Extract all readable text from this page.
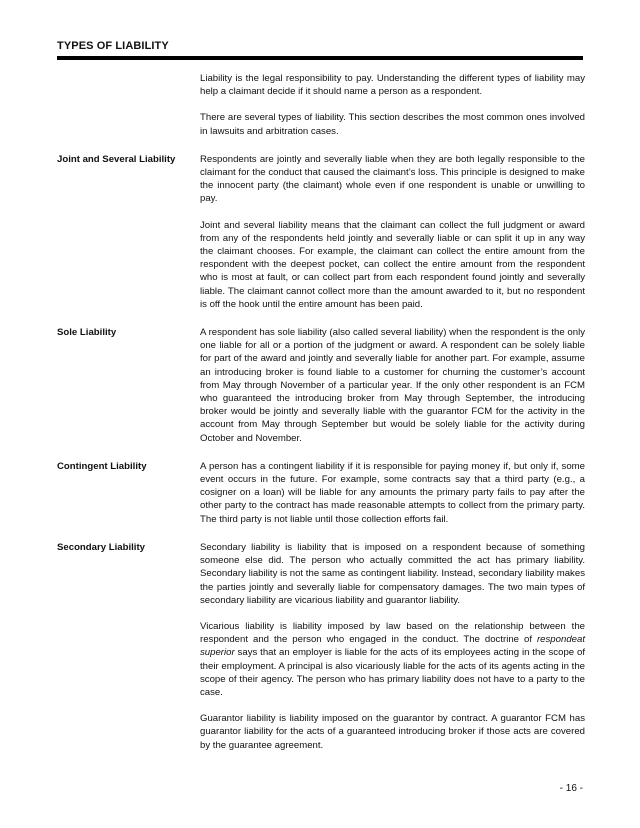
TYPES OF LIABILITY

Liability is the legal responsibility to pay. Understanding the different types of liability may help a claimant decide if it should name a person as a respondent.

There are several types of liability. This section describes the most common ones involved in lawsuits and arbitration cases.

Joint and Several Liability	Respondents are jointly and severally liable when they are both legally responsible to the claimant for the conduct that caused the claimant’s loss. This principle is designed to make the innocent party (the claimant) whole even if one respondent is unable or unwilling to pay.

Joint and several liability means that the claimant can collect the full judgment or award from any of the respondents held jointly and severally liable or can split it up in any way the claimant chooses. For example, the claimant can collect the entire amount from the respondent with the deepest pocket, can collect the entire amount from the respondent who is most at fault, or can collect part from each respondent found jointly and severally liable. The claimant cannot collect more than the amount awarded to it, but no respondent is off the hook until the entire amount has been paid.

Sole Liability	A respondent has sole liability (also called several liability) when the respondent is the only one liable for all or a portion of the judgment or award. A respondent can be solely liable for part of the award and jointly and severally liable for another part. For example, assume an introducing broker is found liable to a customer for churning the customer’s account from May through November of a particular year. If the only other respondent is an FCM who guaranteed the introducing broker from May through September, the introducing broker would be jointly and severally liable with the guarantor FCM for the activity in the account from May through September but would be solely liable for the activity during October and November.

Contingent Liability	A person has a contingent liability if it is responsible for paying money if, but only if, some event occurs in the future. For example, some contracts say that a third party (e.g., a cosigner on a loan) will be liable for any amounts the primary party fails to pay after the other party to the contract has made reasonable attempts to collect from the primary party. The third party is not liable until those collection efforts fail.

Secondary Liability	Secondary liability is liability that is imposed on a respondent because of something someone else did. The person who actually committed the act has primary liability. Secondary liability is not the same as contingent liability. Instead, secondary liability makes the parties jointly and severally liable for compensatory damages. The two main types of secondary liability are vicarious liability and guarantor liability.

Vicarious liability is liability imposed by law based on the relationship between the respondent and the person who engaged in the conduct. The doctrine of respondeat superior says that an employer is liable for the acts of its employees acting in the scope of their employment. A principal is also vicariously liable for the acts of its agents acting in the scope of their agency. The person who has primary liability does not have to a party to the case.

Guarantor liability is liability imposed on the guarantor by contract. A guarantor FCM has guarantor liability for the acts of a guaranteed introducing broker if those acts are covered by the guarantee agreement.

- 16 -
